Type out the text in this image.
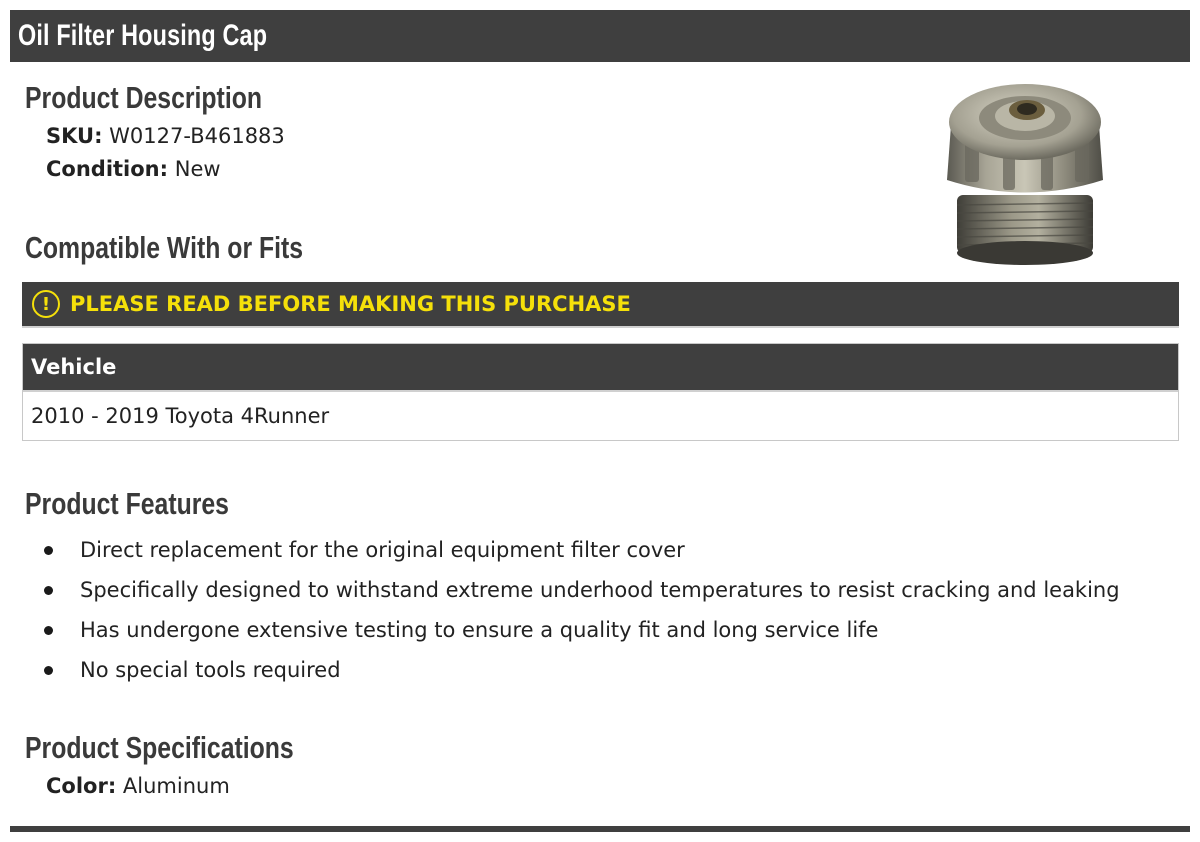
Oil Filter Housing Cap
Product Description
SKU: W0127-B461883
Condition: New
Compatible With or Fits
! PLEASE READ BEFORE MAKING THIS PURCHASE
Vehicle
2010 - 2019 Toyota 4Runner
Product Features
Direct replacement for the original equipment filter cover
Specifically designed to withstand extreme underhood temperatures to resist cracking and leaking
Has undergone extensive testing to ensure a quality fit and long service life
No special tools required
Product Specifications
Color: Aluminum
